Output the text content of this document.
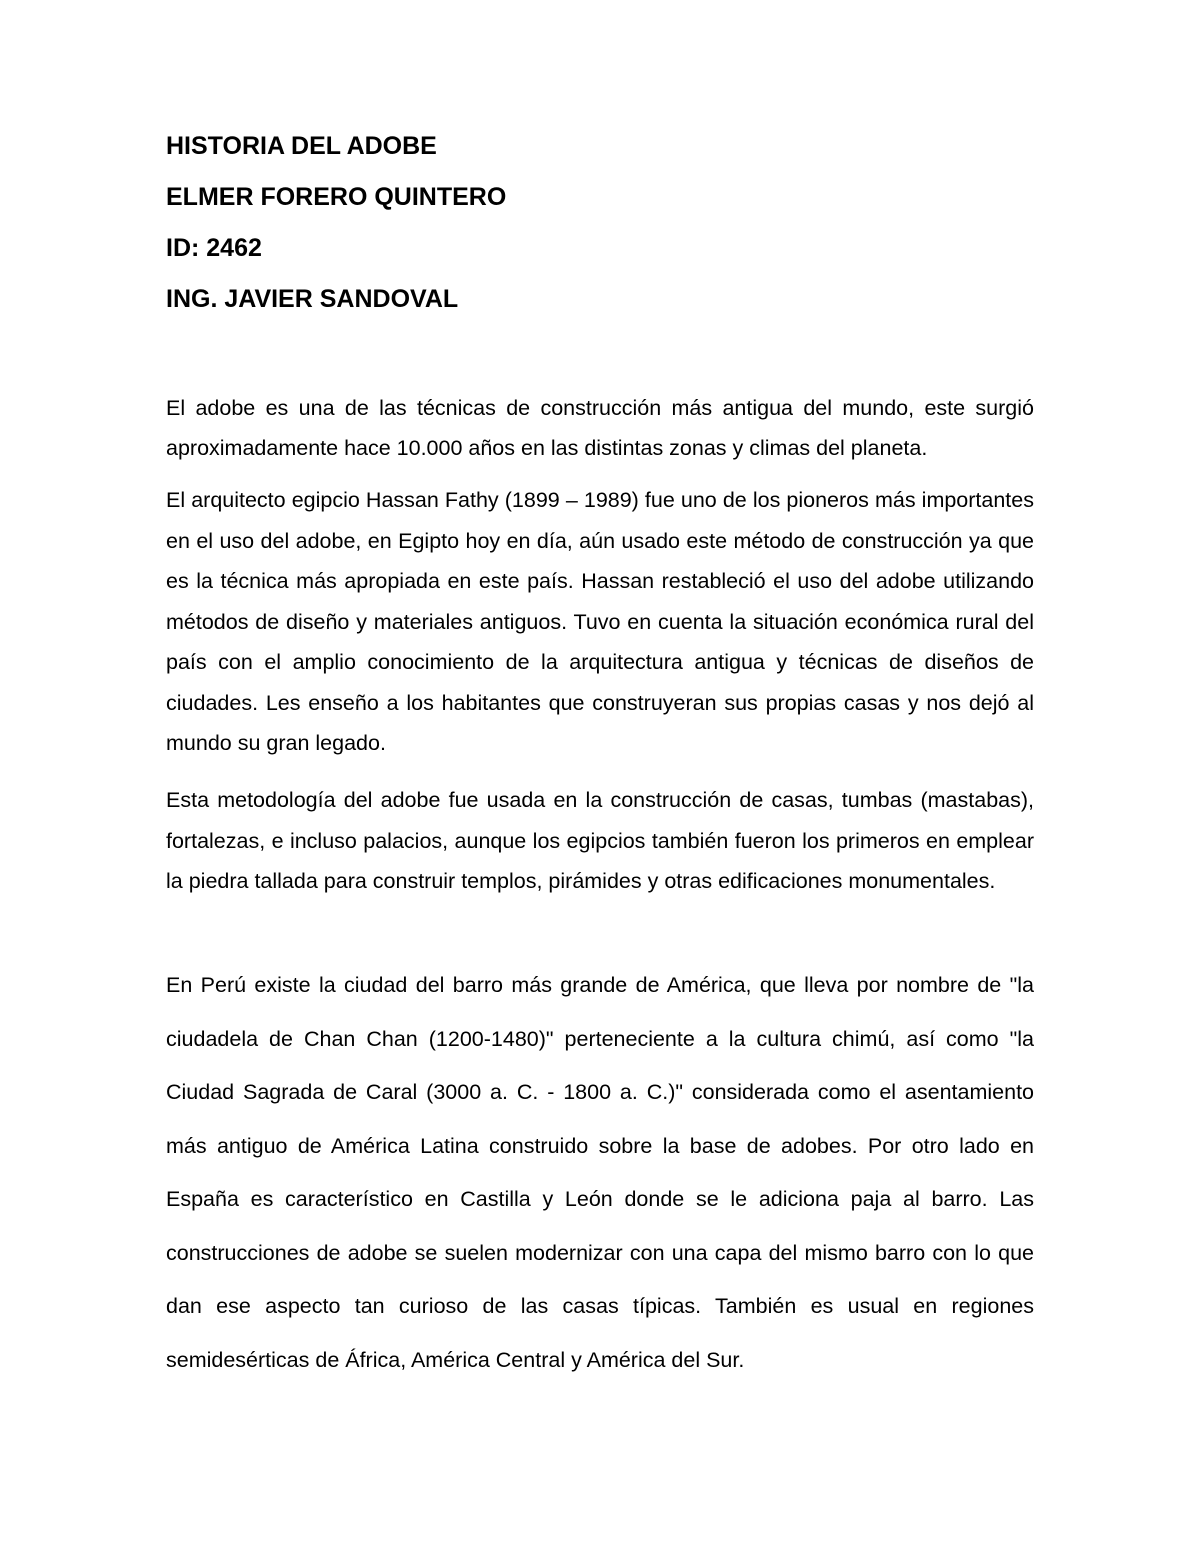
HISTORIA DEL ADOBE
ELMER FORERO QUINTERO
ID: 2462
ING. JAVIER SANDOVAL
El adobe es una de las técnicas de construcción más antigua del mundo, este surgió aproximadamente hace 10.000 años en las distintas zonas y climas del planeta.
El arquitecto egipcio Hassan Fathy (1899 – 1989) fue uno de los pioneros más importantes en el uso del adobe, en Egipto hoy en día, aún usado este método de construcción ya que es la técnica más apropiada en este país. Hassan restableció el uso del adobe utilizando métodos de diseño y materiales antiguos. Tuvo en cuenta la situación económica rural del país con el amplio conocimiento de la arquitectura antigua y técnicas de diseños de ciudades. Les enseño a los habitantes que construyeran sus propias casas y nos dejó al mundo su gran legado.
Esta metodología del adobe fue usada en la construcción de casas, tumbas (mastabas), fortalezas, e incluso palacios, aunque los egipcios también fueron los primeros en emplear la piedra tallada para construir templos, pirámides y otras edificaciones monumentales.
En Perú existe la ciudad del barro más grande de América, que lleva por nombre de "la ciudadela de Chan Chan (1200-1480)" perteneciente a la cultura chimú, así como "la Ciudad Sagrada de Caral (3000 a. C. - 1800 a. C.)" considerada como el asentamiento más antiguo de América Latina construido sobre la base de adobes. Por otro lado en España es característico en Castilla y León donde se le adiciona paja al barro. Las construcciones de adobe se suelen modernizar con una capa del mismo barro con lo que dan ese aspecto tan curioso de las casas típicas. También es usual en regiones semidesérticas de África, América Central y América del Sur.
